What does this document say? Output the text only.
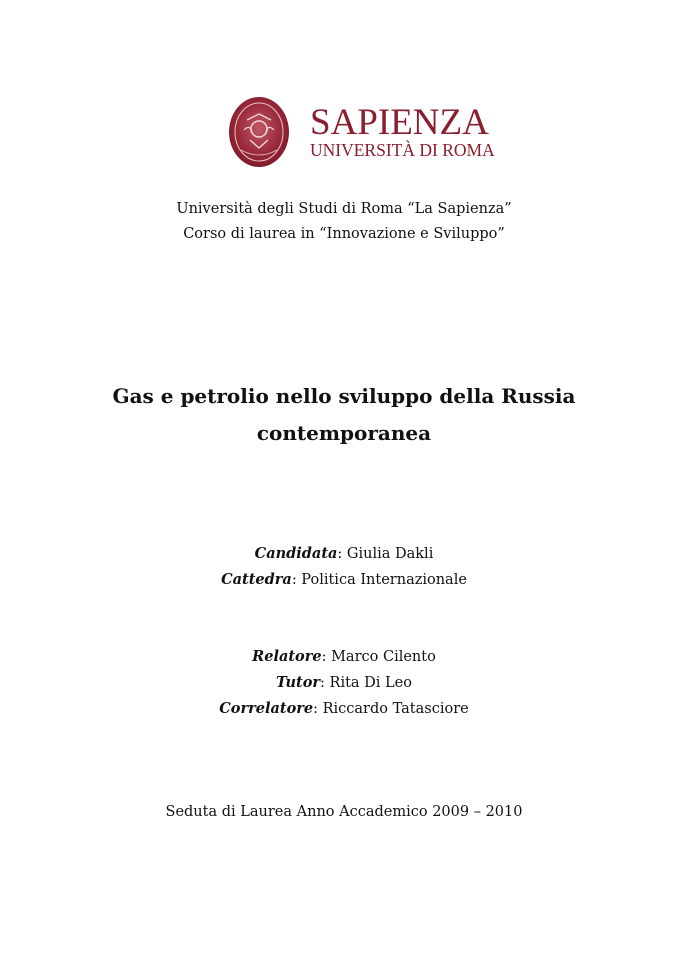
SAPIENZA
UNIVERSITÀ DI ROMA
Università degli Studi di Roma “La Sapienza”
Corso di laurea in “Innovazione e Sviluppo”
Gas e petrolio nello sviluppo della Russia
contemporanea
Candidata: Giulia Dakli
Cattedra: Politica Internazionale
Relatore: Marco Cilento
Tutor: Rita Di Leo
Correlatore: Riccardo Tatasciore
Seduta di Laurea Anno Accademico 2009 – 2010
